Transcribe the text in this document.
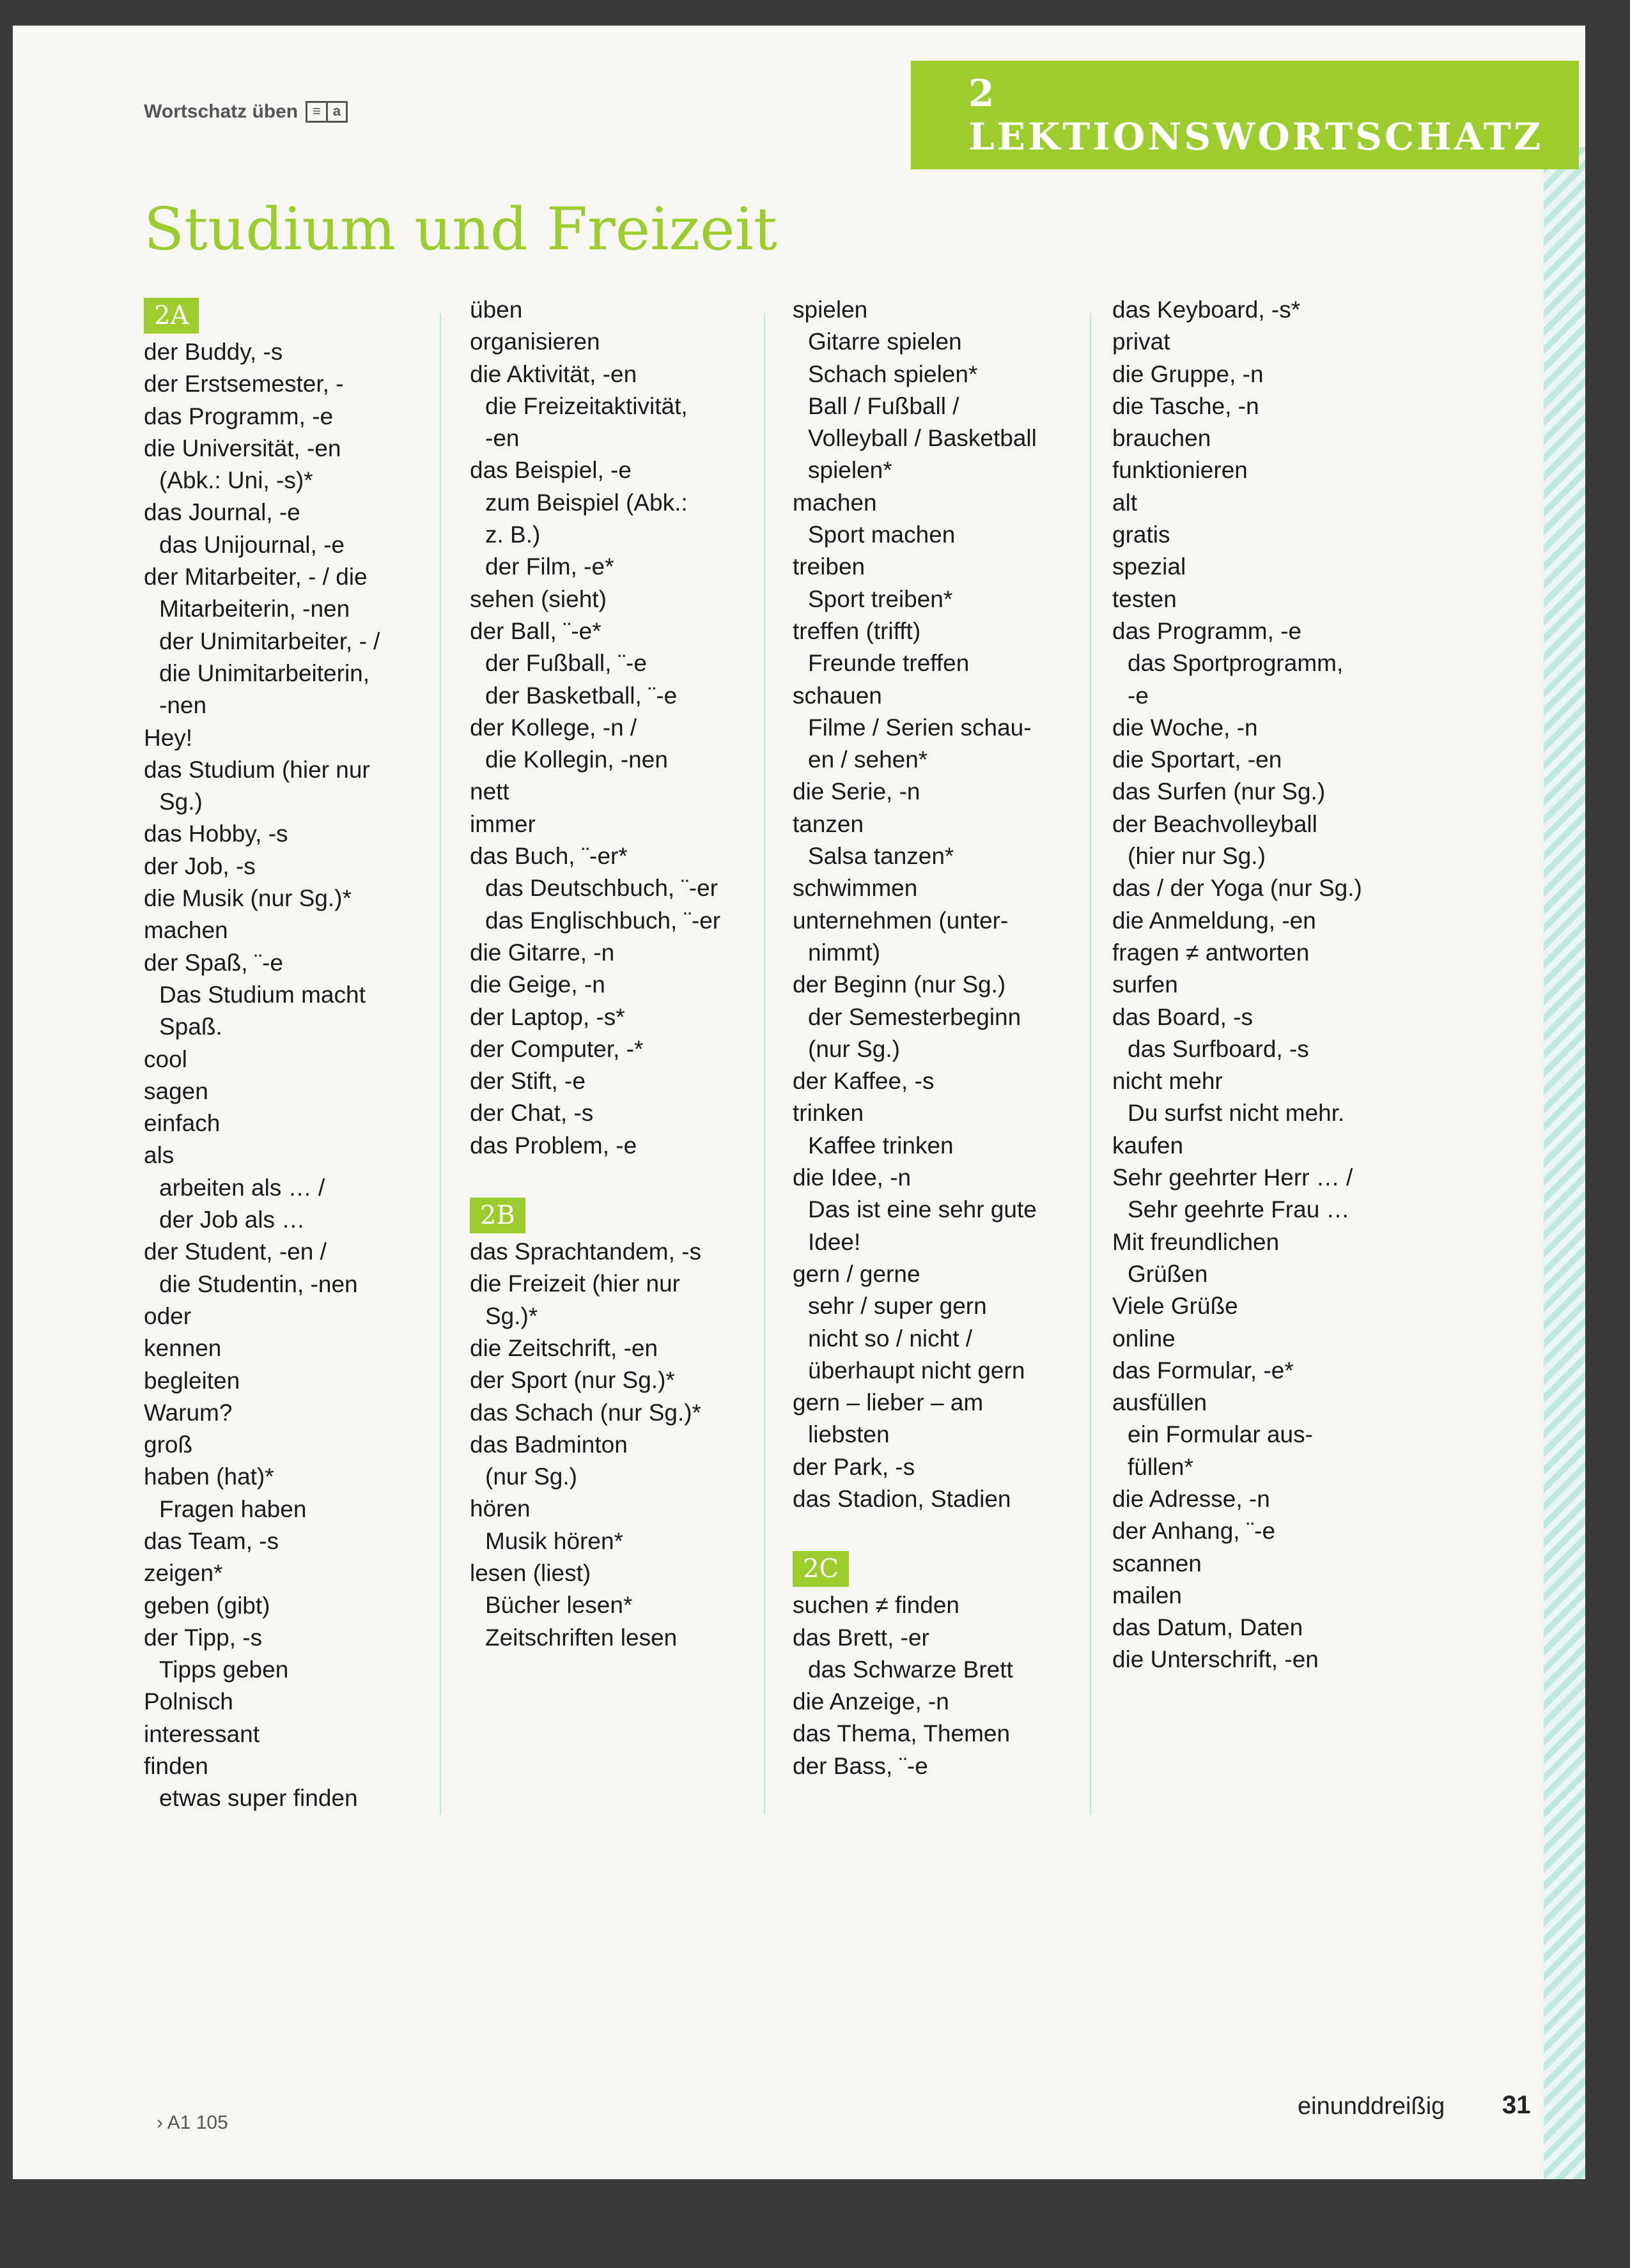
2 LEKTIONSWORTSCHATZ
Wortschatz üben	≡ a
Studium und Freizeit
2A
der Buddy, -s
der Erstsemester, -
das Programm, -e
die Universität, -en
(Abk.: Uni, -s)*
das Journal, -e
das Unijournal, -e
der Mitarbeiter, - / die
Mitarbeiterin, -nen
der Unimitarbeiter, - /
die Unimitarbeiterin,
-nen
Hey!
das Studium (hier nur
Sg.)
das Hobby, -s
der Job, -s
die Musik (nur Sg.)*
machen
der Spaß, ¨-e
Das Studium macht
Spaß.
cool
sagen
einfach
als
arbeiten als … /
der Job als …
der Student, -en /
die Studentin, -nen
oder
kennen
begleiten
Warum?
groß
haben (hat)*
Fragen haben
das Team, -s
zeigen*
geben (gibt)
der Tipp, -s
Tipps geben
Polnisch
interessant
finden
etwas super finden
üben
organisieren
die Aktivität, -en
die Freizeitaktivität,
-en
das Beispiel, -e
zum Beispiel (Abk.:
z. B.)
der Film, -e*
sehen (sieht)
der Ball, ¨-e*
der Fußball, ¨-e
der Basketball, ¨-e
der Kollege, -n /
die Kollegin, -nen
nett
immer
das Buch, ¨-er*
das Deutschbuch, ¨-er
das Englischbuch, ¨-er
die Gitarre, -n
die Geige, -n
der Laptop, -s*
der Computer, -*
der Stift, -e
der Chat, -s
das Problem, -e
2B
das Sprachtandem, -s
die Freizeit (hier nur
Sg.)*
die Zeitschrift, -en
der Sport (nur Sg.)*
das Schach (nur Sg.)*
das Badminton
(nur Sg.)
hören
Musik hören*
lesen (liest)
Bücher lesen*
Zeitschriften lesen
spielen
Gitarre spielen
Schach spielen*
Ball / Fußball /
Volleyball / Basketball
spielen*
machen
Sport machen
treiben
Sport treiben*
treffen (trifft)
Freunde treffen
schauen
Filme / Serien schau-
en / sehen*
die Serie, -n
tanzen
Salsa tanzen*
schwimmen
unternehmen (unter-
nimmt)
der Beginn (nur Sg.)
der Semesterbeginn
(nur Sg.)
der Kaffee, -s
trinken
Kaffee trinken
die Idee, -n
Das ist eine sehr gute
Idee!
gern / gerne
sehr / super gern
nicht so / nicht /
überhaupt nicht gern
gern – lieber – am
liebsten
der Park, -s
das Stadion, Stadien
2C
suchen ≠ finden
das Brett, -er
das Schwarze Brett
die Anzeige, -n
das Thema, Themen
der Bass, ¨-e
das Keyboard, -s*
privat
die Gruppe, -n
die Tasche, -n
brauchen
funktionieren
alt
gratis
spezial
testen
das Programm, -e
das Sportprogramm,
-e
die Woche, -n
die Sportart, -en
das Surfen (nur Sg.)
der Beachvolleyball
(hier nur Sg.)
das / der Yoga (nur Sg.)
die Anmeldung, -en
fragen ≠ antworten
surfen
das Board, -s
das Surfboard, -s
nicht mehr
Du surfst nicht mehr.
kaufen
Sehr geehrter Herr … /
Sehr geehrte Frau …
Mit freundlichen
Grüßen
Viele Grüße
online
das Formular, -e*
ausfüllen
ein Formular aus-
füllen*
die Adresse, -n
der Anhang, ¨-e
scannen
mailen
das Datum, Daten
die Unterschrift, -en
› A1 105
einunddreißig 31
